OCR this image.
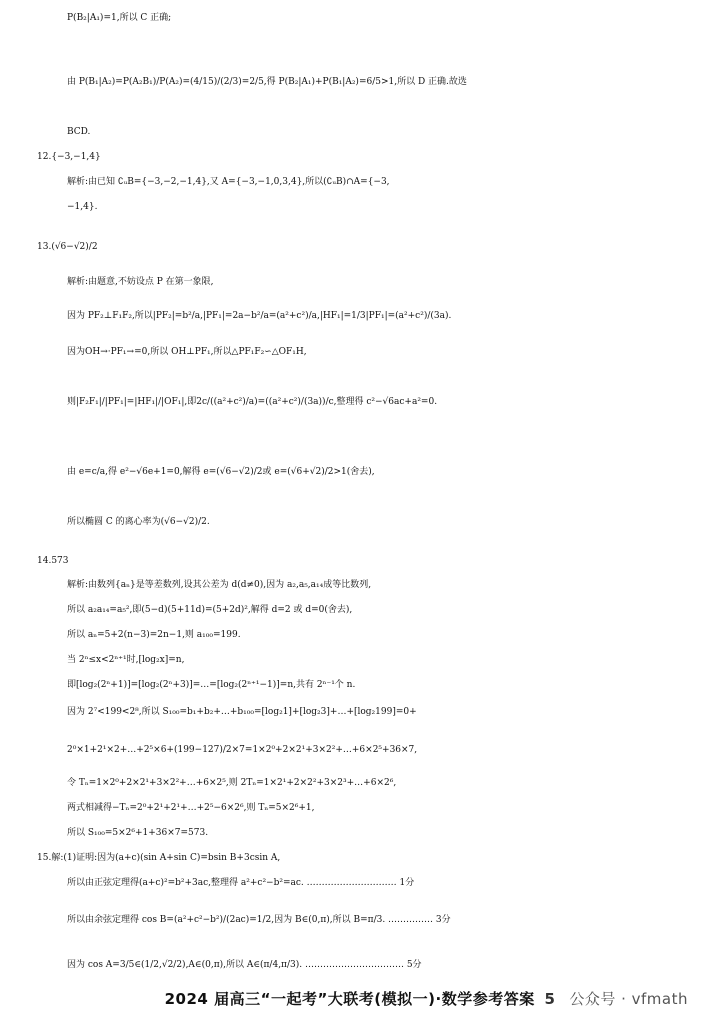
P(B₂|A₁)=1,所以 C 正确;
由 P(B₁|A₂)=P(A₂B₁)/P(A₂)=(4/15)/(2/3)=2/5,得 P(B₂|A₁)+P(B₁|A₂)=6/5>1,所以 D 正确.故选
BCD.
12.{−3,−1,4}
解析:由已知 ∁ᵤB={−3,−2,−1,4},又 A={−3,−1,0,3,4},所以(∁ᵤB)∩A={−3,
−1,4}.
13.(√6−√2)/2
解析:由题意,不妨设点 P 在第一象限,
因为 PF₂⊥F₁F₂,所以|PF₂|=b²/a,|PF₁|=2a−b²/a=(a²+c²)/a,|HF₁|=1/3|PF₁|=(a²+c²)/(3a).
因为OH→·PF₁→=0,所以 OH⊥PF₁,所以△PF₁F₂∽△OF₁H,
则|F₂F₁|/|PF₁|=|HF₁|/|OF₁|,即2c/((a²+c²)/a)=((a²+c²)/(3a))/c,整理得 c²−√6ac+a²=0.
由 e=c/a,得 e²−√6e+1=0,解得 e=(√6−√2)/2或 e=(√6+√2)/2>1(舍去),
所以椭圆 C 的离心率为(√6−√2)/2.
14.573
解析:由数列{aₙ}是等差数列,设其公差为 d(d≠0),因为 a₂,a₅,a₁₄成等比数列,
所以 a₂a₁₄=a₅²,即(5−d)(5+11d)=(5+2d)²,解得 d=2 或 d=0(舍去),
所以 aₙ=5+2(n−3)=2n−1,则 a₁₀₀=199.
当 2ⁿ≤x<2ⁿ⁺¹时,[log₂x]=n,
即[log₂(2ⁿ+1)]=[log₂(2ⁿ+3)]=…=[log₂(2ⁿ⁺¹−1)]=n,共有 2ⁿ⁻¹个 n.
因为 2⁷<199<2⁸,所以 S₁₀₀=b₁+b₂+…+b₁₀₀=[log₂1]+[log₂3]+…+[log₂199]=0+
2⁰×1+2¹×2+…+2⁵×6+(199−127)/2×7=1×2⁰+2×2¹+3×2²+…+6×2⁵+36×7,
令 Tₙ=1×2⁰+2×2¹+3×2²+…+6×2⁵,则 2Tₙ=1×2¹+2×2²+3×2³+…+6×2⁶,
两式相减得−Tₙ=2⁰+2¹+2¹+…+2⁵−6×2⁶,则 Tₙ=5×2⁶+1,
所以 S₁₀₀=5×2⁶+1+36×7=573.
15.解:(1)证明:因为(a+c)(sin A+sin C)=bsin B+3csin A,
所以由正弦定理得(a+c)²=b²+3ac,整理得 a²+c²−b²=ac. ………………………… 1分
所以由余弦定理得 cos B=(a²+c²−b²)/(2ac)=1/2,因为 B∈(0,π),所以 B=π/3. …………… 3分
因为 cos A=3/5∈(1/2,√2/2),A∈(0,π),所以 A∈(π/4,π/3). …………………………… 5分
2024 届高三“一起考”大联考(模拟一)·数学参考答案 5 公众号 · vfmath
